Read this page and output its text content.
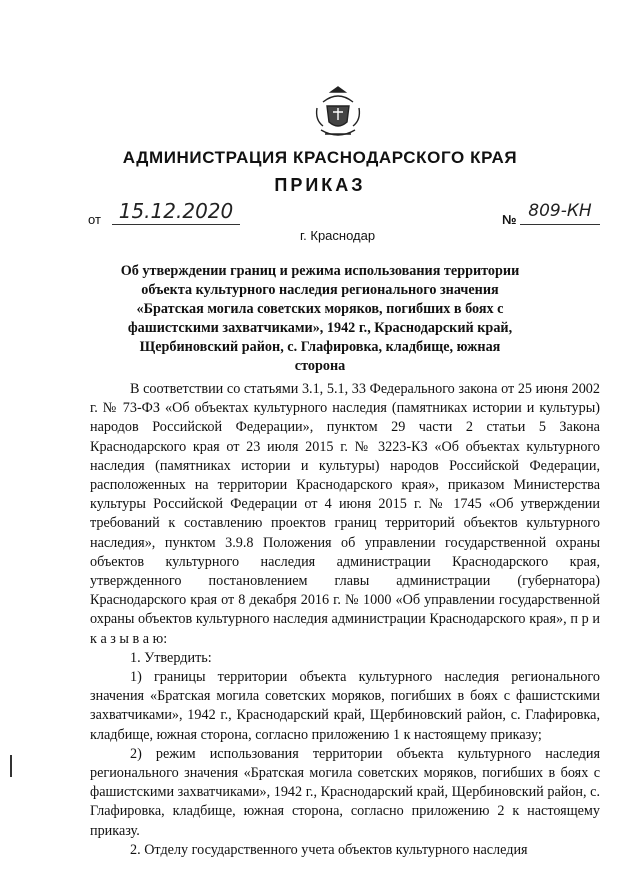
АДМИНИСТРАЦИЯ КРАСНОДАРСКОГО КРАЯ
ПРИКАЗ
от 15.12.2020	№ 809-КН
г. Краснодар
Об утверждении границ и режима использования территории объекта культурного наследия регионального значения «Братская могила советских моряков, погибших в боях с фашистскими захватчиками», 1942 г., Краснодарский край, Щербиновский район, с. Глафировка, кладбище, южная сторона

В соответствии со статьями 3.1, 5.1, 33 Федерального закона от 25 июня 2002 г. № 73-ФЗ «Об объектах культурного наследия (памятниках истории и культуры) народов Российской Федерации», пунктом 29 части 2 статьи 5 Закона Краснодарского края от 23 июля 2015 г. № 3223-КЗ «Об объектах культурного наследия (памятниках истории и культуры) народов Российской Федерации, расположенных на территории Краснодарского края», приказом Министерства культуры Российской Федерации от 4 июня 2015 г. № 1745 «Об утверждении требований к составлению проектов границ территорий объектов культурного наследия», пунктом 3.9.8 Положения об управлении государственной охраны объектов культурного наследия администрации Краснодарского края, утвержденного постановлением главы администрации (губернатора) Краснодарского края от 8 декабря 2016 г. № 1000 «Об управлении государственной охраны объектов культурного наследия администрации Краснодарского края», п р и к а з ы в а ю:

1. Утвердить:

1) границы территории объекта культурного наследия регионального значения «Братская могила советских моряков, погибших в боях с фашистскими захватчиками», 1942 г., Краснодарский край, Щербиновский район, с. Глафировка, кладбище, южная сторона, согласно приложению 1 к настоящему приказу;

2) режим использования территории объекта культурного наследия регионального значения «Братская могила советских моряков, погибших в боях с фашистскими захватчиками», 1942 г., Краснодарский край, Щербиновский район, с. Глафировка, кладбище, южная сторона, согласно приложению 2 к настоящему приказу.

2. Отделу государственного учета объектов культурного наследия
